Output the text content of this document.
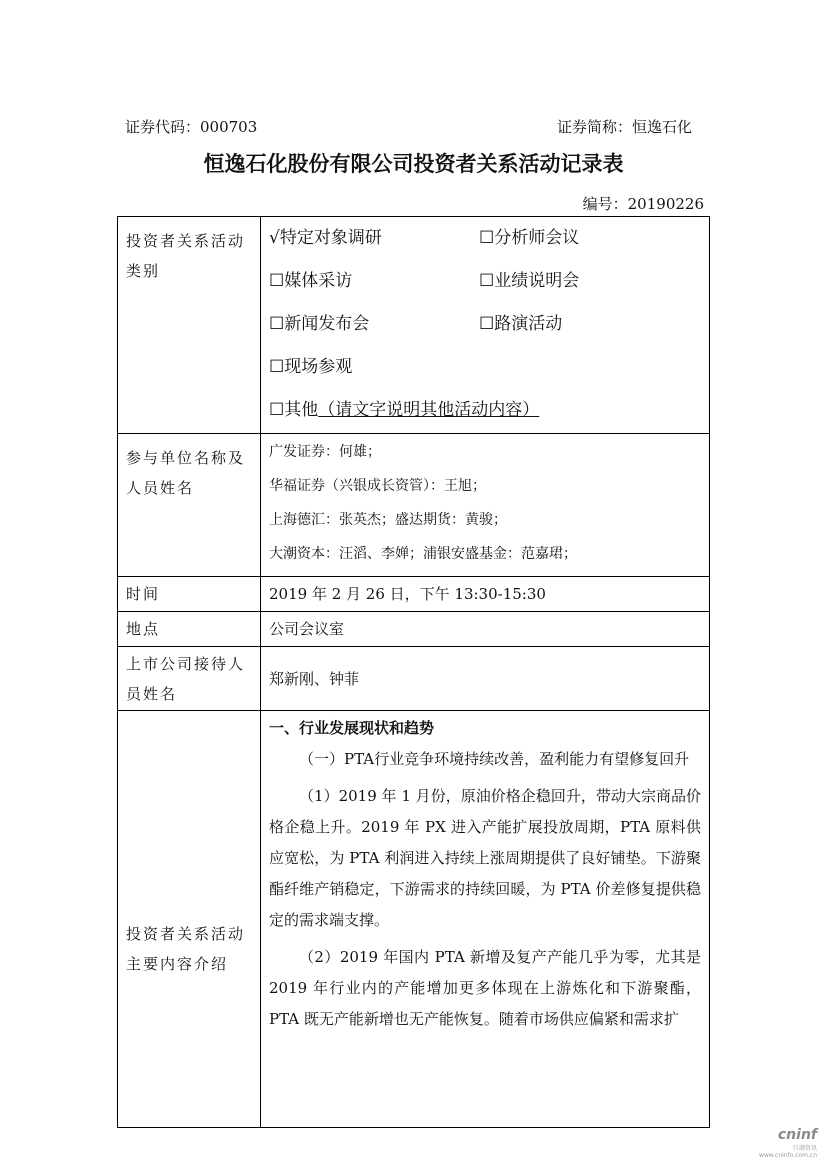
证券代码：000703	证券简称：恒逸石化
恒逸石化股份有限公司投资者关系活动记录表
编号：20190226
投资者关系活动类别	√特定对象调研 ☐分析师会议
☐媒体采访 ☐业绩说明会
☐新闻发布会 ☐路演活动
☐现场参观
☐其他（请文字说明其他活动内容）

参与单位名称及人员姓名	广发证券：何雄；
华福证券（兴银成长资管）：王旭；
上海德汇：张英杰；盛达期货：黄骏；
大潮资本：汪滔、李婵；浦银安盛基金：范嘉珺；

时间	2019 年 2 月 26 日，下午 13:30-15:30
地点	公司会议室
上市公司接待人员姓名	郑新刚、钟菲
投资者关系活动主要内容介绍	一、行业发展现状和趋势
（一）PTA行业竞争环境持续改善，盈利能力有望修复回升
（1）2019 年 1 月份，原油价格企稳回升，带动大宗商品价格企稳上升。2019 年 PX 进入产能扩展投放周期，PTA 原料供应宽松，为 PTA 利润进入持续上涨周期提供了良好铺垫。下游聚酯纤维产销稳定，下游需求的持续回暖，为 PTA 价差修复提供稳定的需求端支撑。
（2）2019 年国内 PTA 新增及复产产能几乎为零，尤其是 2019 年行业内的产能增加更多体现在上游炼化和下游聚酯，PTA 既无产能新增也无产能恢复。随着市场供应偏紧和需求扩
cninf
巨潮资讯
www.cninfo.com.cn
